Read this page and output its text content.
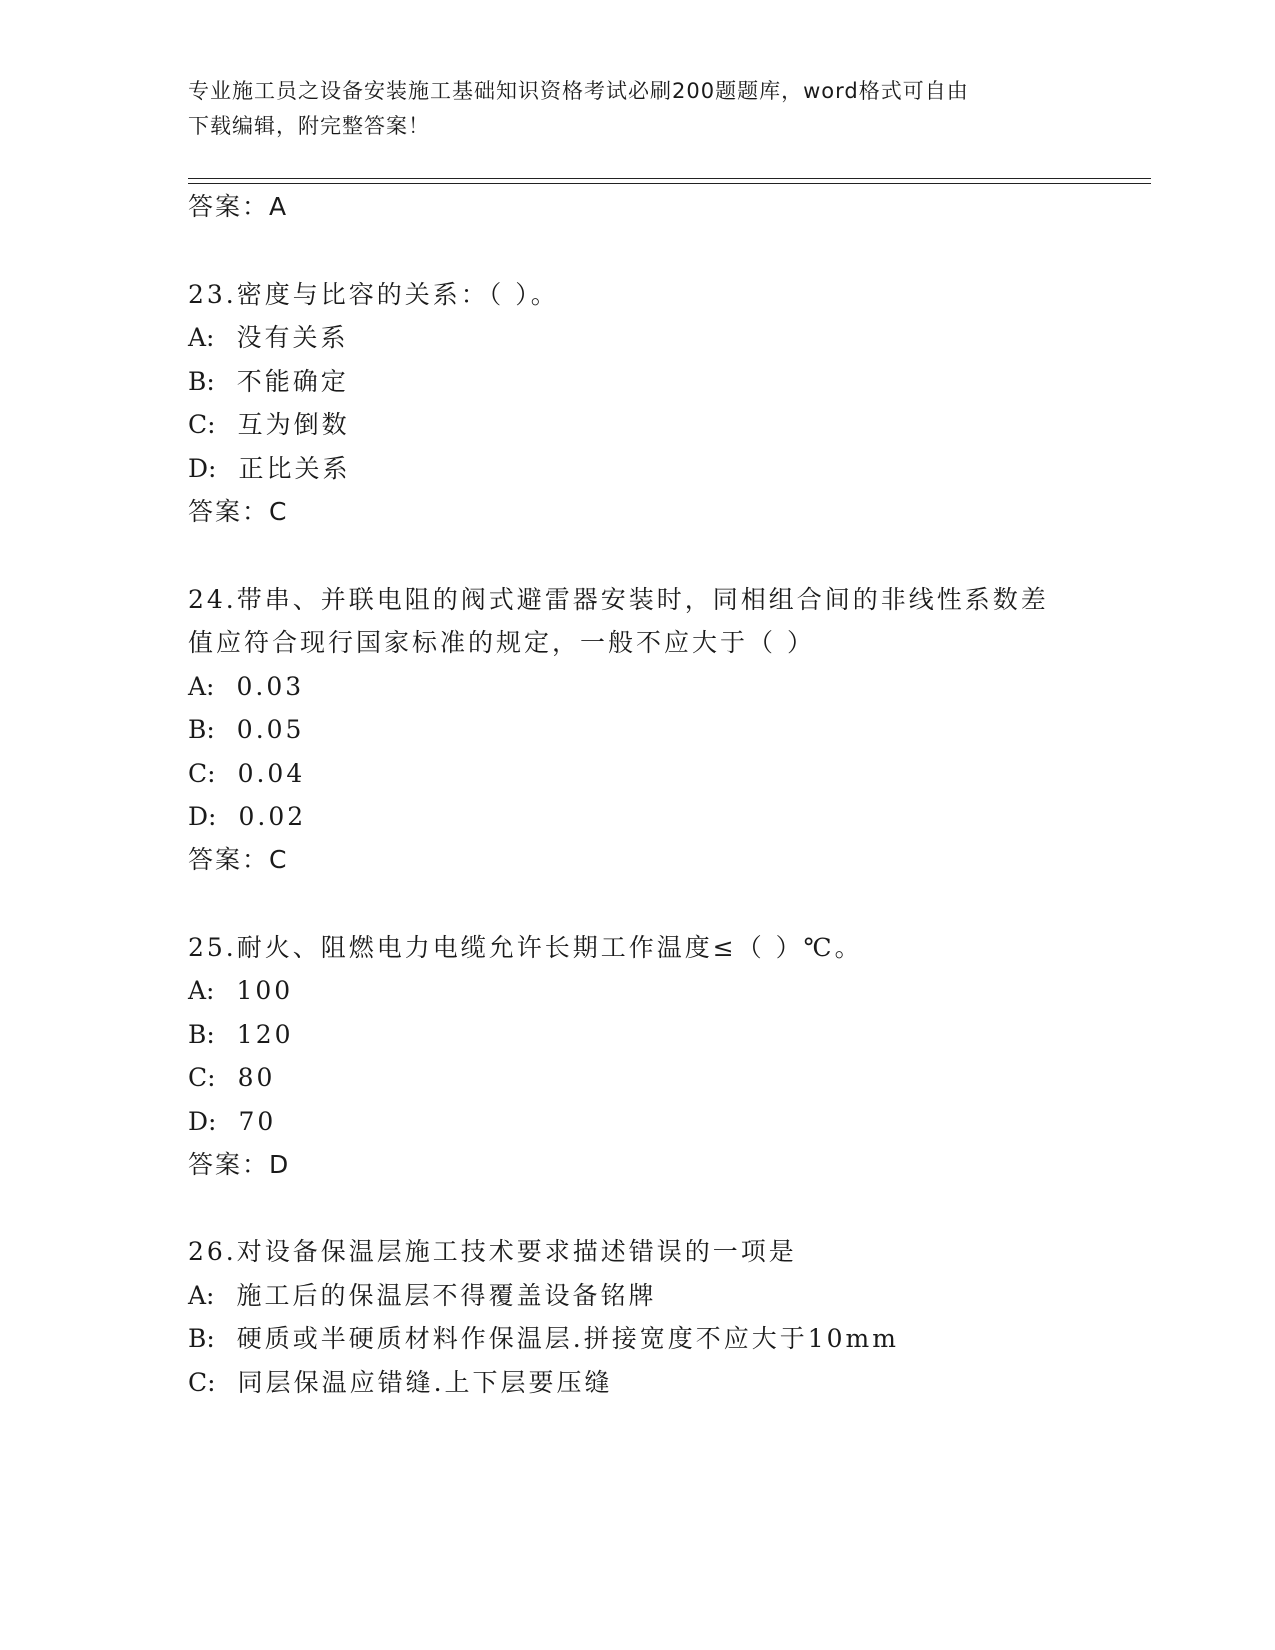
专业施工员之设备安装施工基础知识资格考试必刷200题题库，word格式可自由
下载编辑，附完整答案！
答案：A
23.密度与比容的关系：（ ）。
A: 没有关系
B: 不能确定
C: 互为倒数
D: 正比关系
答案：C
24.带串、并联电阻的阀式避雷器安装时，同相组合间的非线性系数差
值应符合现行国家标准的规定，一般不应大于（ ）
A: 0.03
B: 0.05
C: 0.04
D: 0.02
答案：C
25.耐火、阻燃电力电缆允许长期工作温度≤（ ）℃。
A: 100
B: 120
C: 80
D: 70
答案：D
26.对设备保温层施工技术要求描述错误的一项是
A: 施工后的保温层不得覆盖设备铭牌
B: 硬质或半硬质材料作保温层.拼接宽度不应大于10mm
C: 同层保温应错缝.上下层要压缝
